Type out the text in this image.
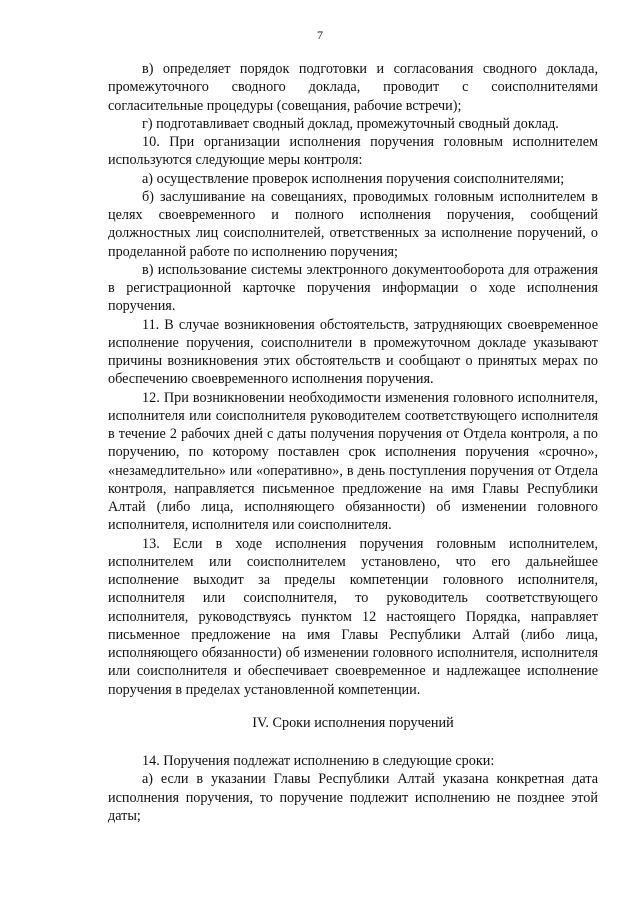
7

в) определяет порядок подготовки и согласования сводного доклада, промежуточного сводного доклада, проводит с соисполнителями согласительные процедуры (совещания, рабочие встречи);

г) подготавливает сводный доклад, промежуточный сводный доклад.

10. При организации исполнения поручения головным исполнителем используются следующие меры контроля:

а) осуществление проверок исполнения поручения соисполнителями;

б) заслушивание на совещаниях, проводимых головным исполнителем в целях своевременного и полного исполнения поручения, сообщений должностных лиц соисполнителей, ответственных за исполнение поручений, о проделанной работе по исполнению поручения;

в) использование системы электронного документооборота для отражения в регистрационной карточке поручения информации о ходе исполнения поручения.

11. В случае возникновения обстоятельств, затрудняющих своевременное исполнение поручения, соисполнители в промежуточном докладе указывают причины возникновения этих обстоятельств и сообщают о принятых мерах по обеспечению своевременного исполнения поручения.

12. При возникновении необходимости изменения головного исполнителя, исполнителя или соисполнителя руководителем соответствующего исполнителя в течение 2 рабочих дней с даты получения поручения от Отдела контроля, а по поручению, по которому поставлен срок исполнения поручения «срочно», «незамедлительно» или «оперативно», в день поступления поручения от Отдела контроля, направляется письменное предложение на имя Главы Республики Алтай (либо лица, исполняющего обязанности) об изменении головного исполнителя, исполнителя или соисполнителя.

13. Если в ходе исполнения поручения головным исполнителем, исполнителем или соисполнителем установлено, что его дальнейшее исполнение выходит за пределы компетенции головного исполнителя, исполнителя или соисполнителя, то руководитель соответствующего исполнителя, руководствуясь пунктом 12 настоящего Порядка, направляет письменное предложение на имя Главы Республики Алтай (либо лица, исполняющего обязанности) об изменении головного исполнителя, исполнителя или соисполнителя и обеспечивает своевременное и надлежащее исполнение поручения в пределах установленной компетенции.

IV. Сроки исполнения поручений

14. Поручения подлежат исполнению в следующие сроки:

а) если в указании Главы Республики Алтай указана конкретная дата исполнения поручения, то поручение подлежит исполнению не позднее этой даты;
